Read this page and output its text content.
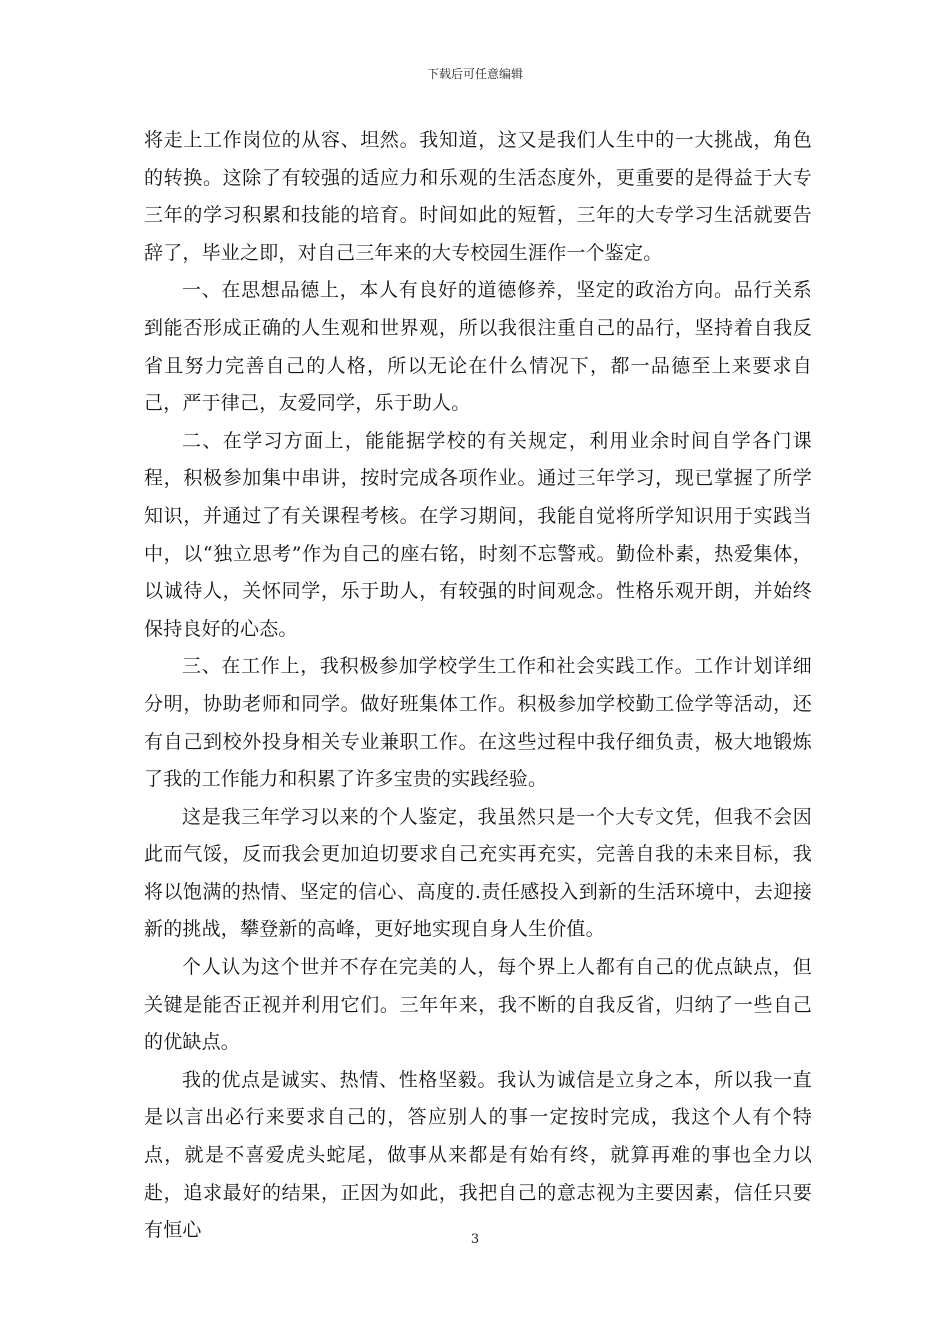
下载后可任意编辑

将走上工作岗位的从容、坦然。我知道，这又是我们人生中的一大挑战，角色的转换。这除了有较强的适应力和乐观的生活态度外，更重要的是得益于大专三年的学习积累和技能的培育。时间如此的短暂，三年的大专学习生活就要告辞了，毕业之即，对自己三年来的大专校园生涯作一个鉴定。

一、在思想品德上，本人有良好的道德修养，坚定的政治方向。品行关系到能否形成正确的人生观和世界观，所以我很注重自己的品行，坚持着自我反省且努力完善自己的人格，所以无论在什么情况下，都一品德至上来要求自己，严于律己，友爱同学，乐于助人。

二、在学习方面上，能能据学校的有关规定，利用业余时间自学各门课程，积极参加集中串讲，按时完成各项作业。通过三年学习，现已掌握了所学知识，并通过了有关课程考核。在学习期间，我能自觉将所学知识用于实践当中，以“独立思考”作为自己的座右铭，时刻不忘警戒。勤俭朴素，热爱集体，以诚待人，关怀同学，乐于助人，有较强的时间观念。性格乐观开朗，并始终保持良好的心态。

三、在工作上，我积极参加学校学生工作和社会实践工作。工作计划详细分明，协助老师和同学。做好班集体工作。积极参加学校勤工俭学等活动，还有自己到校外投身相关专业兼职工作。在这些过程中我仔细负责，极大地锻炼了我的工作能力和积累了许多宝贵的实践经验。

这是我三年学习以来的个人鉴定，我虽然只是一个大专文凭，但我不会因此而气馁，反而我会更加迫切要求自己充实再充实，完善自我的未来目标，我将以饱满的热情、坚定的信心、高度的.责任感投入到新的生活环境中，去迎接新的挑战，攀登新的高峰，更好地实现自身人生价值。

个人认为这个世并不存在完美的人，每个界上人都有自己的优点缺点，但关键是能否正视并利用它们。三年年来，我不断的自我反省，归纳了一些自己的优缺点。

我的优点是诚实、热情、性格坚毅。我认为诚信是立身之本，所以我一直是以言出必行来要求自己的，答应别人的事一定按时完成，我这个人有个特点，就是不喜爱虎头蛇尾，做事从来都是有始有终，就算再难的事也全力以赴，追求最好的结果，正因为如此，我把自己的意志视为主要因素，信任只要有恒心	3
